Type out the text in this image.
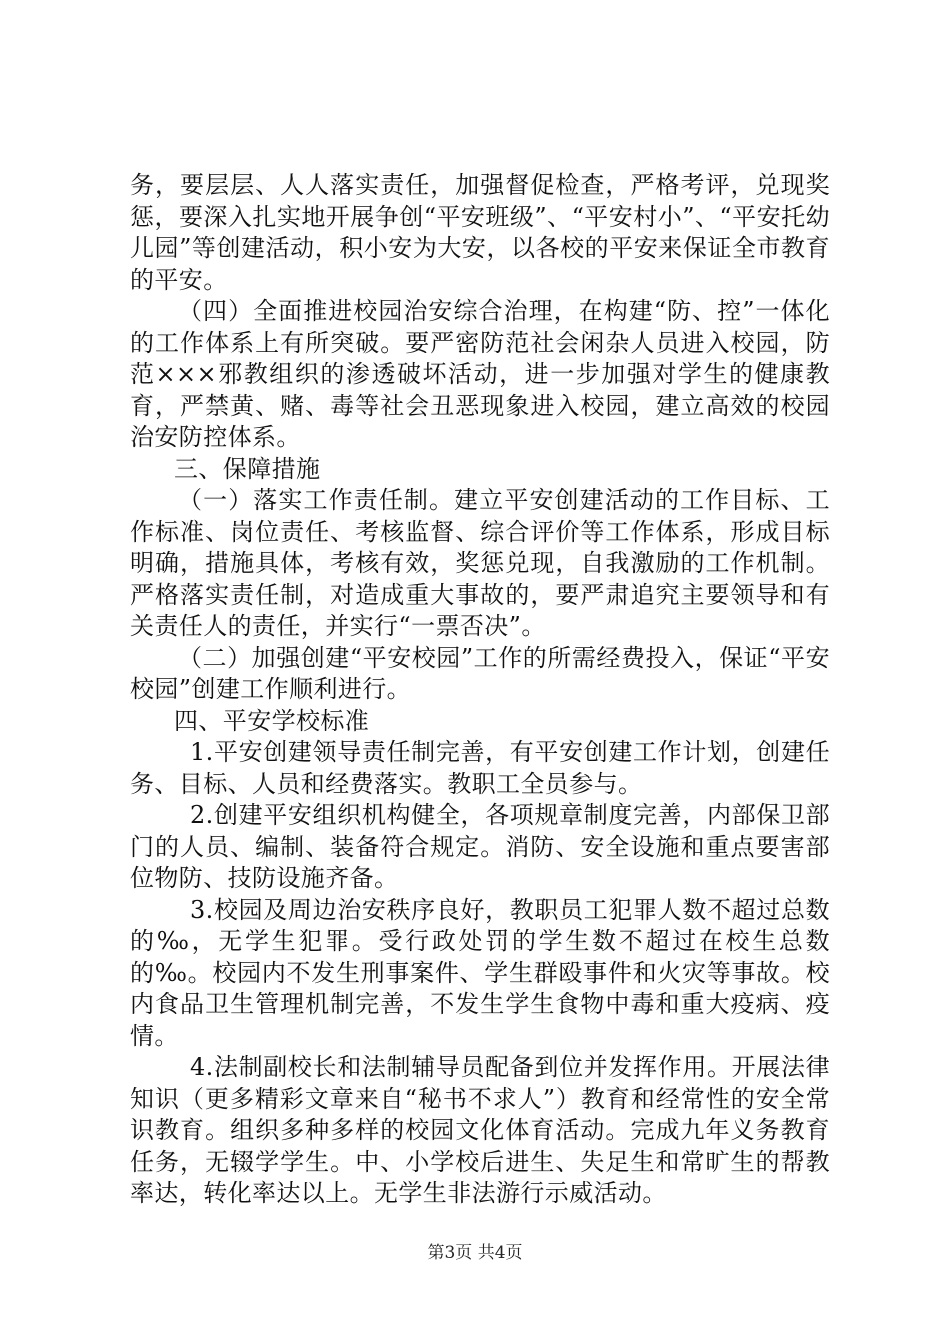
务，要层层、人人落实责任，加强督促检查，严格考评，兑现奖惩，要深入扎实地开展争创“平安班级”、“平安村小”、“平安托幼儿园”等创建活动，积小安为大安，以各校的平安来保证全市教育的平安。

（四）全面推进校园治安综合治理，在构建“防、控”一体化的工作体系上有所突破。要严密防范社会闲杂人员进入校园，防范×××邪教组织的渗透破坏活动，进一步加强对学生的健康教育，严禁黄、赌、毒等社会丑恶现象进入校园，建立高效的校园治安防控体系。

三、保障措施

（一）落实工作责任制。建立平安创建活动的工作目标、工作标准、岗位责任、考核监督、综合评价等工作体系，形成目标明确，措施具体，考核有效，奖惩兑现，自我激励的工作机制。严格落实责任制，对造成重大事故的，要严肃追究主要领导和有关责任人的责任，并实行“一票否决”。

（二）加强创建“平安校园”工作的所需经费投入，保证“平安校园”创建工作顺利进行。

四、平安学校标准

1.平安创建领导责任制完善，有平安创建工作计划，创建任务、目标、人员和经费落实。教职工全员参与。

2.创建平安组织机构健全，各项规章制度完善，内部保卫部门的人员、编制、装备符合规定。消防、安全设施和重点要害部位物防、技防设施齐备。

3.校园及周边治安秩序良好，教职员工犯罪人数不超过总数的‰，无学生犯罪。受行政处罚的学生数不超过在校生总数的‰。校园内不发生刑事案件、学生群殴事件和火灾等事故。校内食品卫生管理机制完善，不发生学生食物中毒和重大疫病、疫情。

4.法制副校长和法制辅导员配备到位并发挥作用。开展法律知识（更多精彩文章来自“秘书不求人”）教育和经常性的安全常识教育。组织多种多样的校园文化体育活动。完成九年义务教育任务，无辍学学生。中、小学校后进生、失足生和常旷生的帮教率达，转化率达以上。无学生非法游行示威活动。

第3页 共4页
